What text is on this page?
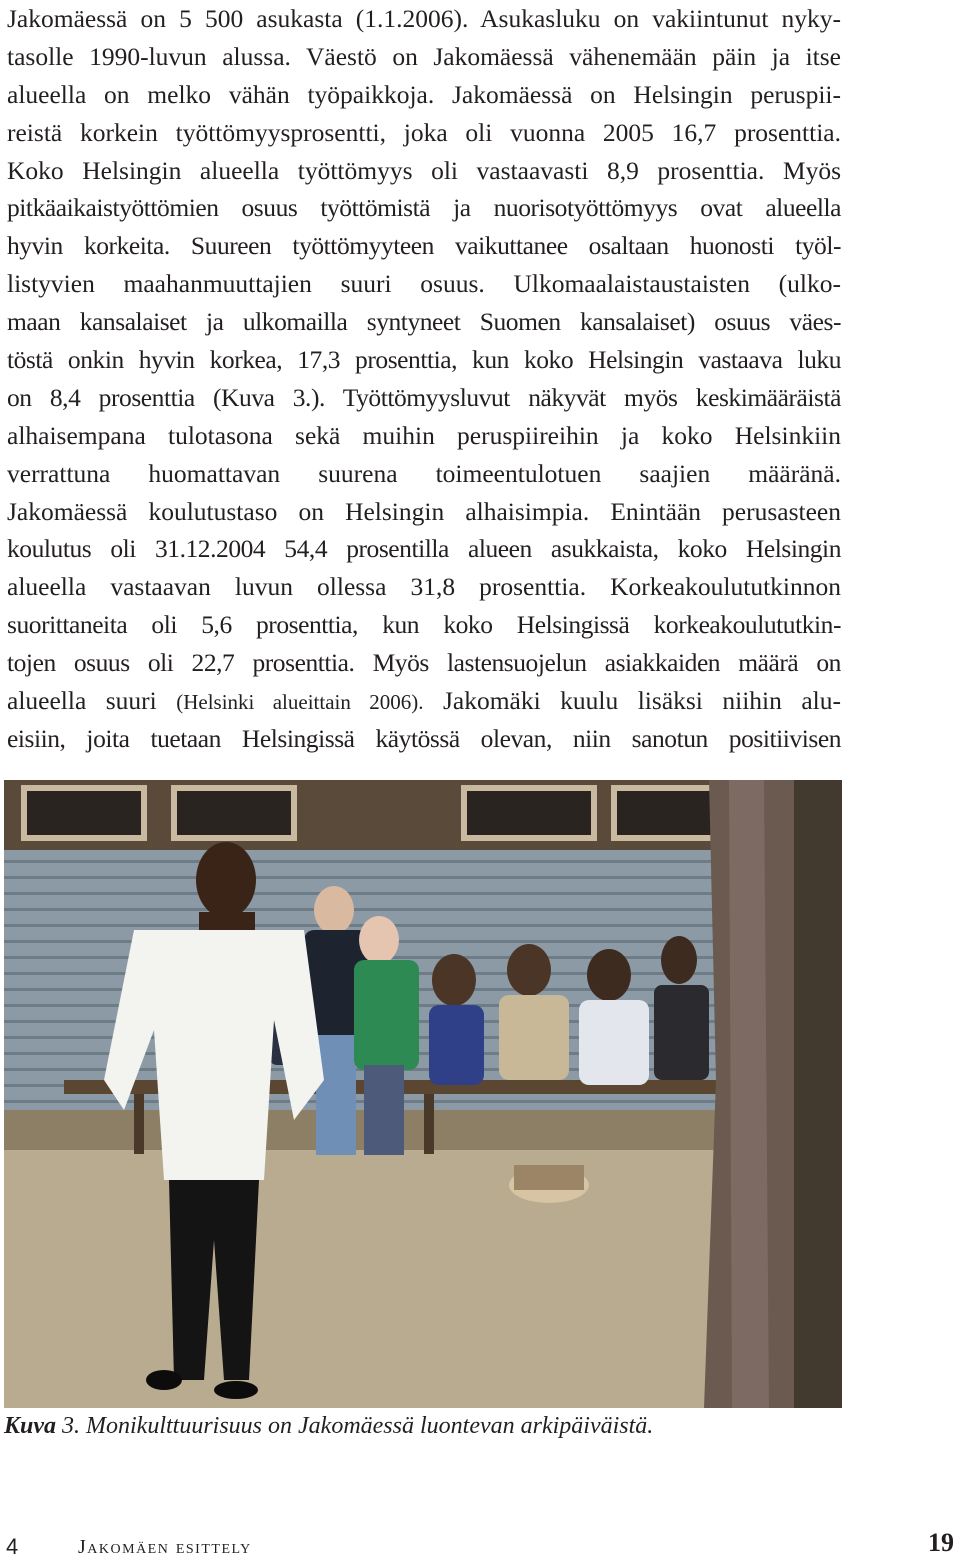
Jakomäessä on 5 500 asukasta (1.1.2006). Asukasluku on vakiintunut nyky-
tasolle 1990-luvun alussa. Väestö on Jakomäessä vähenemään päin ja itse
alueella on melko vähän työpaikkoja. Jakomäessä on Helsingin peruspii-
reistä korkein työttömyysprosentti, joka oli vuonna 2005 16,7 prosenttia.
Koko Helsingin alueella työttömyys oli vastaavasti 8,9 prosenttia. Myös
pitkäaikaistyöttömien osuus työttömistä ja nuorisotyöttömyys ovat alueella
hyvin korkeita. Suureen työttömyyteen vaikuttanee osaltaan huonosti työl-
listyvien maahanmuuttajien suuri osuus. Ulkomaalaistaustaisten (ulko-
maan kansalaiset ja ulkomailla syntyneet Suomen kansalaiset) osuus väes-
töstä onkin hyvin korkea, 17,3 prosenttia, kun koko Helsingin vastaava luku
on 8,4 prosenttia (Kuva 3.). Työttömyysluvut näkyvät myös keskimääräistä
alhaisempana tulotasona sekä muihin peruspiireihin ja koko Helsinkiin
verrattuna huomattavan suurena toimeentulotuen saajien määränä.
Jakomäessä koulutustaso on Helsingin alhaisimpia. Enintään perusasteen
koulutus oli 31.12.2004 54,4 prosentilla alueen asukkaista, koko Helsingin
alueella vastaavan luvun ollessa 31,8 prosenttia. Korkeakoulututkinnon
suorittaneita oli 5,6 prosenttia, kun koko Helsingissä korkeakoulututkin-
tojen osuus oli 22,7 prosenttia. Myös lastensuojelun asiakkaiden määrä on
alueella suuri (Helsinki alueittain 2006). Jakomäki kuulu lisäksi niihin alu-
eisiin, joita tuetaan Helsingissä käytössä olevan, niin sanotun positiivisen
Kuva 3. Monikulttuurisuus on Jakomäessä luontevan arkipäiväistä.
4	Jakomäen esittely	19
